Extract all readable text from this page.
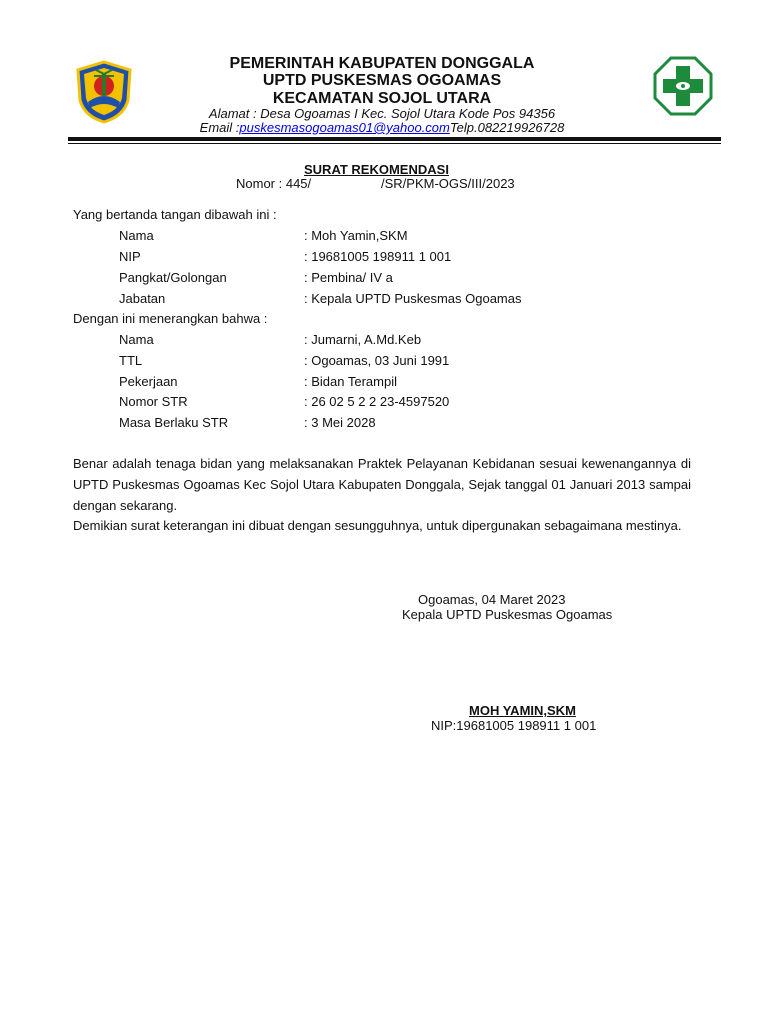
PEMERINTAH KABUPATEN DONGGALA
UPTD PUSKESMAS OGOAMAS
KECAMATAN SOJOL UTARA
Alamat : Desa Ogoamas I Kec. Sojol Utara Kode Pos 94356
Email :puskesmasogoamas01@yahoo.comTelp.082219926728
SURAT REKOMENDASI
Nomor : 445/	/SR/PKM-OGS/III/2023
Yang bertanda tangan dibawah ini :
Nama	: Moh Yamin,SKM
NIP	: 19681005 198911 1 001
Pangkat/Golongan	: Pembina/ IV a
Jabatan	: Kepala UPTD Puskesmas Ogoamas
Dengan ini menerangkan bahwa :
Nama	: Jumarni, A.Md.Keb
TTL	: Ogoamas, 03 Juni 1991
Pekerjaan	: Bidan Terampil
Nomor STR	: 26 02 5 2 2 23-4597520
Masa Berlaku STR	: 3 Mei 2028
Benar adalah tenaga bidan yang melaksanakan Praktek Pelayanan Kebidanan sesuai kewenangannya di UPTD Puskesmas Ogoamas Kec Sojol Utara Kabupaten Donggala, Sejak tanggal 01 Januari 2013 sampai dengan sekarang.
Demikian surat keterangan ini dibuat dengan sesungguhnya, untuk dipergunakan sebagaimana mestinya.
Ogoamas, 04 Maret 2023
Kepala UPTD Puskesmas Ogoamas
MOH YAMIN,SKM
NIP:19681005 198911 1 001
